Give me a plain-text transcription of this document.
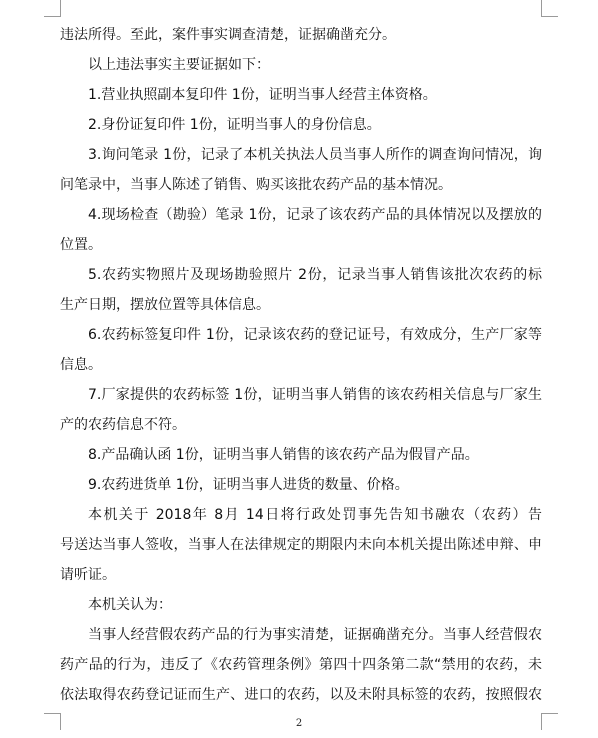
违法所得。至此，案件事实调查清楚，证据确凿充分。
以上违法事实主要证据如下：
1.营业执照副本复印件 1份，证明当事人经营主体资格。
2.身份证复印件 1份，证明当事人的身份信息。
3.询问笔录 1份，记录了本机关执法人员当事人所作的调查询问情况，询
问笔录中，当事人陈述了销售、购买该批农药产品的基本情况。
4.现场检查（勘验）笔录 1份，记录了该农药产品的具体情况以及摆放的
位置。
5.农药实物照片及现场勘验照片 2份，记录当事人销售该批次农药的标
生产日期，摆放位置等具体信息。
6.农药标签复印件 1份，记录该农药的登记证号，有效成分，生产厂家等
信息。
7.厂家提供的农药标签 1份，证明当事人销售的该农药相关信息与厂家生
产的农药信息不符。
8.产品确认函 1份，证明当事人销售的该农药产品为假冒产品。
9.农药进货单 1份，证明当事人进货的数量、价格。
本机关于 2018年 8月 14日将行政处罚事先告知书融农（农药）告
号送达当事人签收，当事人在法律规定的期限内未向本机关提出陈述申辩、申
请听证。
本机关认为：
当事人经营假农药产品的行为事实清楚，证据确凿充分。当事人经营假农
药产品的行为，违反了《农药管理条例》第四十四条第二款“禁用的农药，未
依法取得农药登记证而生产、进口的农药，以及未附具标签的农药，按照假农
2
